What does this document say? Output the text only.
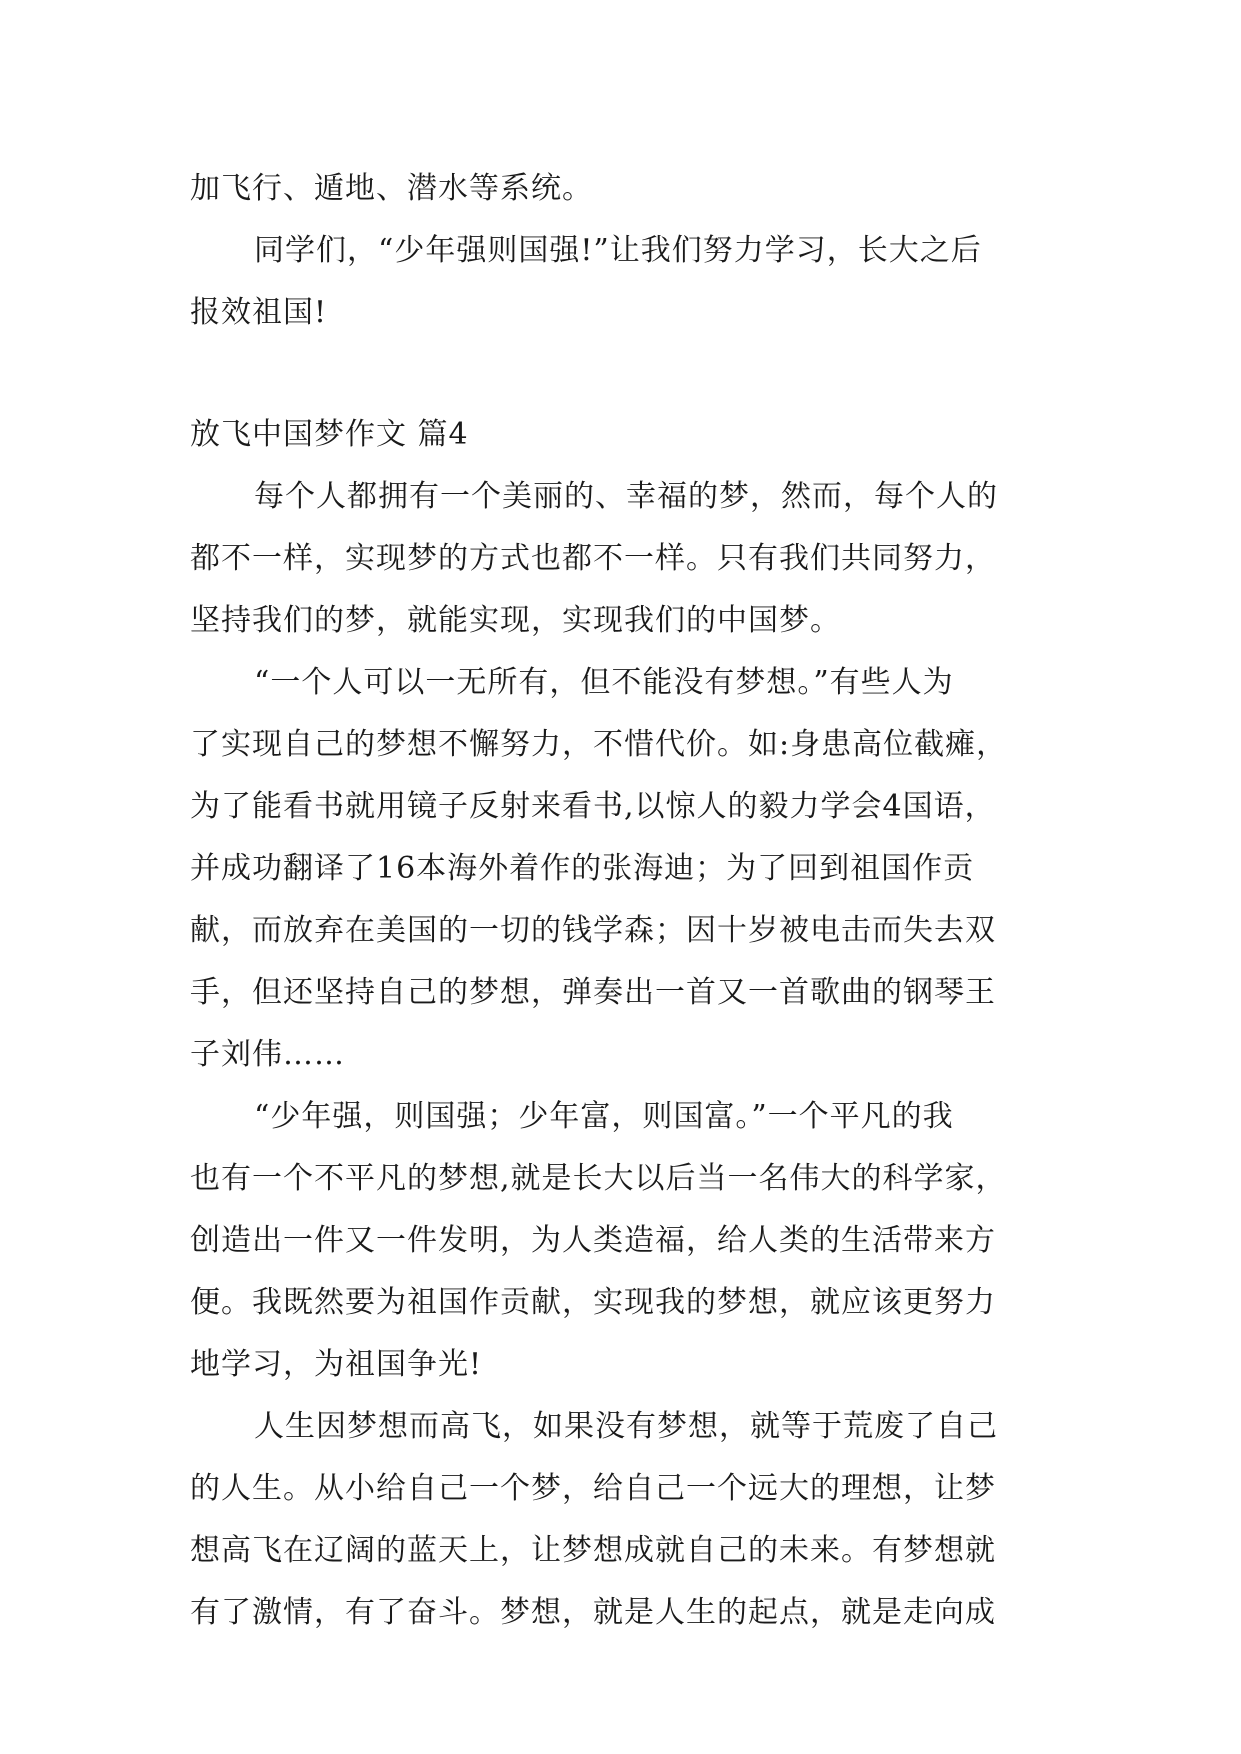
加飞行、遁地、潜水等系统。

同学们，“少年强则国强!”让我们努力学习，长大之后

报效祖国!

放飞中国梦作文 篇4

每个人都拥有一个美丽的、幸福的梦，然而，每个人的

都不一样，实现梦的方式也都不一样。只有我们共同努力，

坚持我们的梦，就能实现，实现我们的中国梦。

“一个人可以一无所有，但不能没有梦想。”有些人为

了实现自己的梦想不懈努力，不惜代价。如:身患高位截瘫，

为了能看书就用镜子反射来看书,以惊人的毅力学会4国语，

并成功翻译了16本海外着作的张海迪；为了回到祖国作贡

献，而放弃在美国的一切的钱学森；因十岁被电击而失去双

手，但还坚持自己的梦想，弹奏出一首又一首歌曲的钢琴王

子刘伟……

“少年强，则国强；少年富，则国富。”一个平凡的我

也有一个不平凡的梦想,就是长大以后当一名伟大的科学家，

创造出一件又一件发明，为人类造福，给人类的生活带来方

便。我既然要为祖国作贡献，实现我的梦想，就应该更努力

地学习，为祖国争光!

人生因梦想而高飞，如果没有梦想，就等于荒废了自己

的人生。从小给自己一个梦，给自己一个远大的理想，让梦

想高飞在辽阔的蓝天上，让梦想成就自己的未来。有梦想就

有了激情，有了奋斗。梦想，就是人生的起点，就是走向成
